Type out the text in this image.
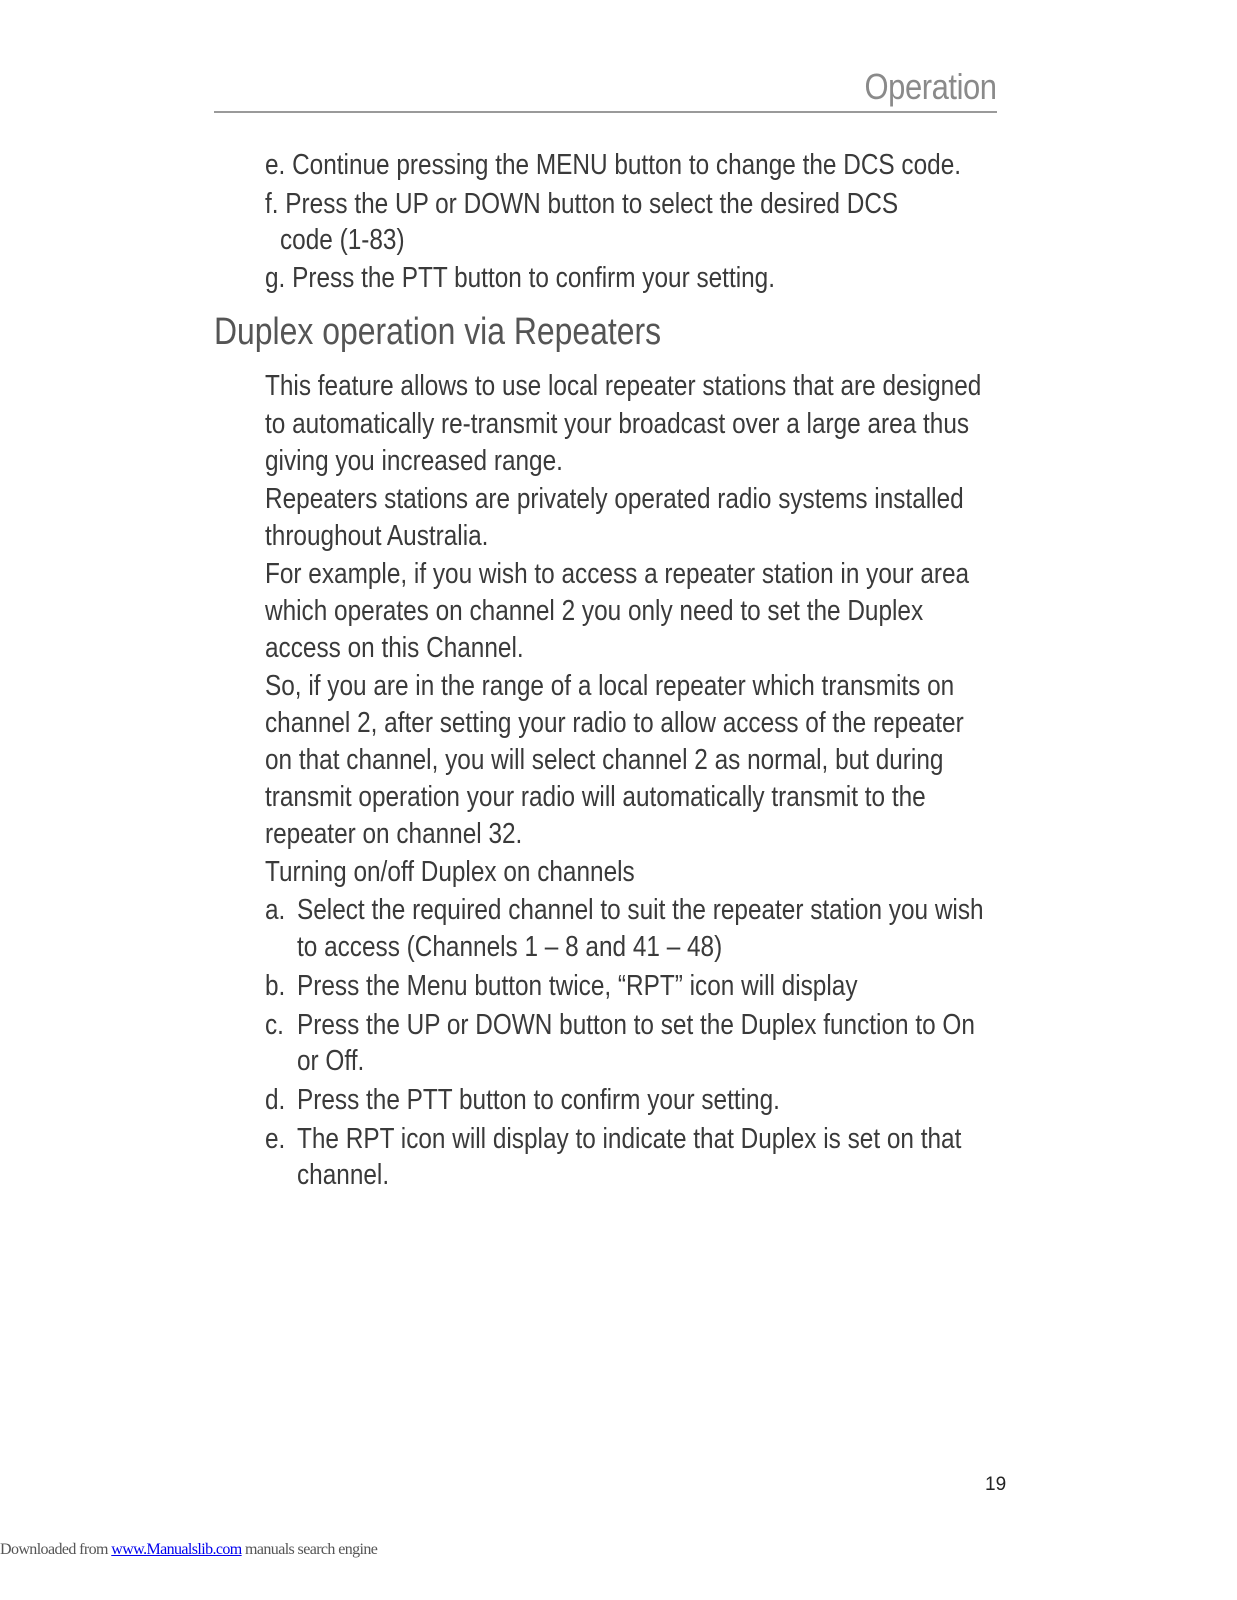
Operation
e. Continue pressing the MENU button to change the DCS code.
f. Press the UP or DOWN button to select the desired DCS
code (1-83)
g. Press the PTT button to confirm your setting.
Duplex operation via Repeaters
This feature allows to use local repeater stations that are designed
to automatically re-transmit your broadcast over a large area thus
giving you increased range.
Repeaters stations are privately operated radio systems installed
throughout Australia.
For example, if you wish to access a repeater station in your area
which operates on channel 2 you only need to set the Duplex
access on this Channel.
So, if you are in the range of a local repeater which transmits on
channel 2, after setting your radio to allow access of the repeater
on that channel, you will select channel 2 as normal, but during
transmit operation your radio will automatically transmit to the
repeater on channel 32.
Turning on/off Duplex on channels
a. Select the required channel to suit the repeater station you wish
to access (Channels 1 – 8 and 41 – 48)
b. Press the Menu button twice, “RPT” icon will display
c. Press the UP or DOWN button to set the Duplex function to On
or Off.
d. Press the PTT button to confirm your setting.
e. The RPT icon will display to indicate that Duplex is set on that
channel.
19
Downloaded from www.Manualslib.com manuals search engine
